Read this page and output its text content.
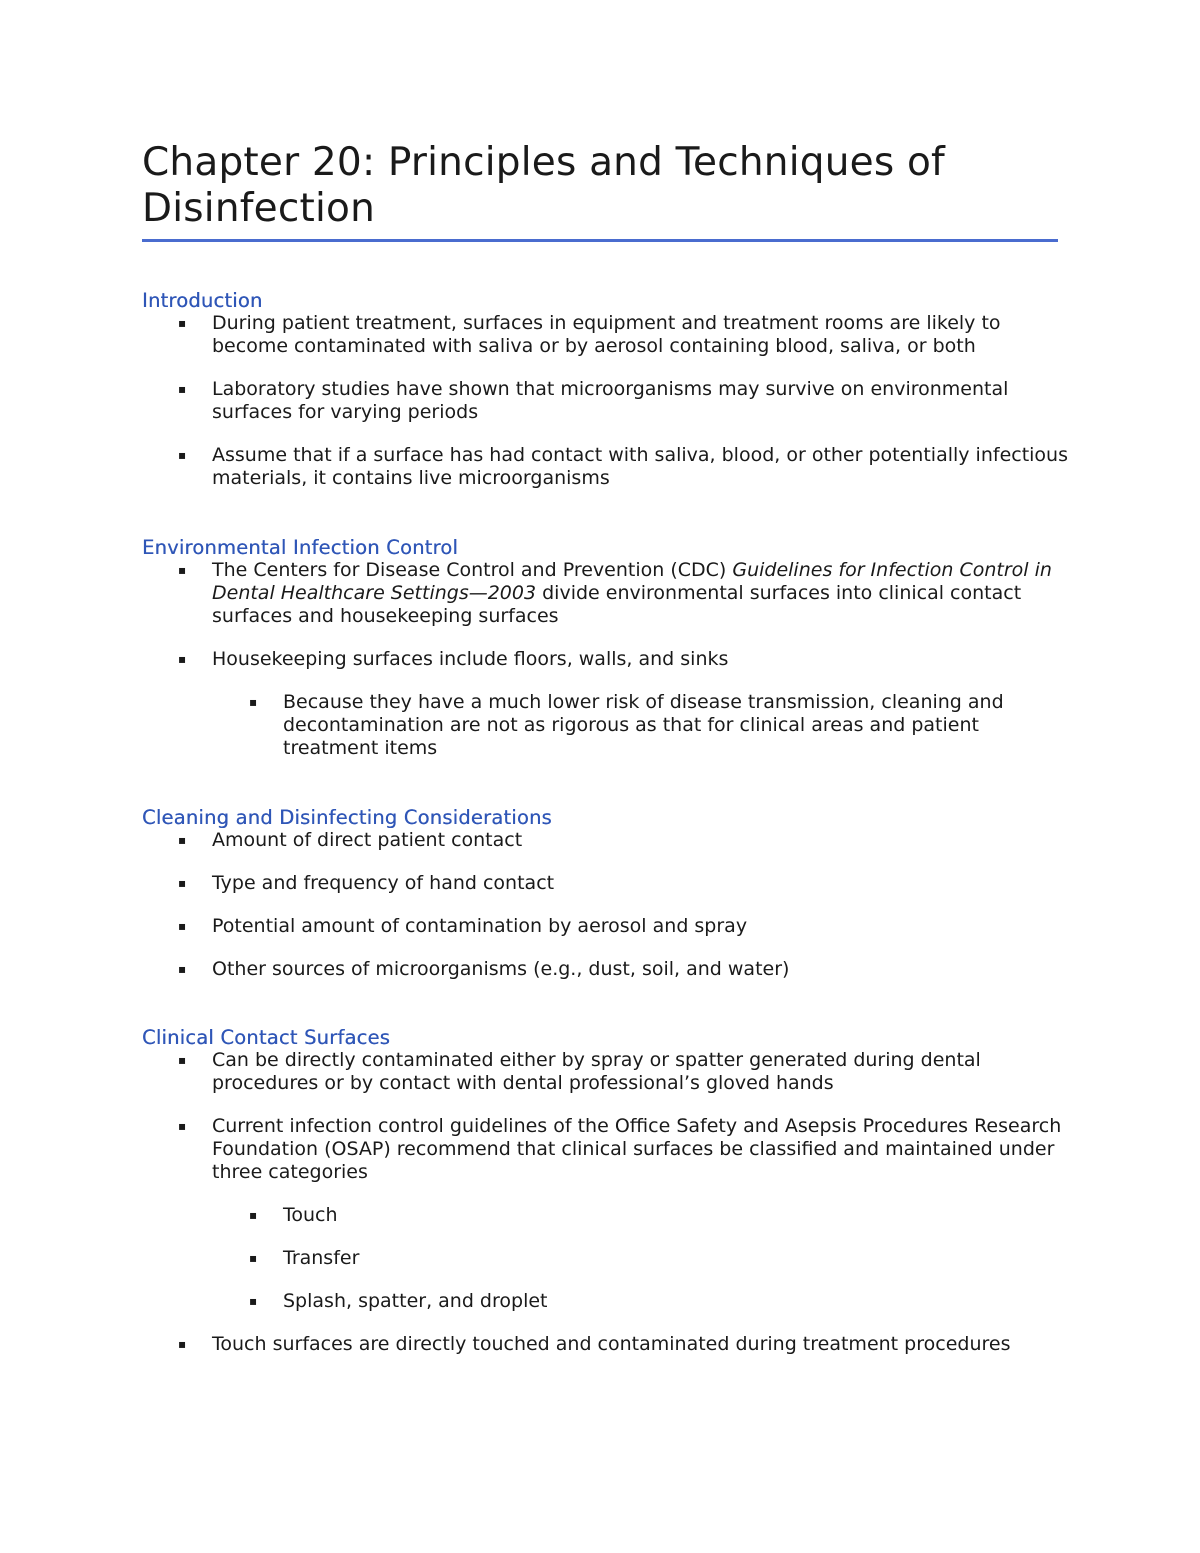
Chapter 20: Principles and Techniques of Disinfection
Introduction
▪ During patient treatment, surfaces in equipment and treatment rooms are likely to become contaminated with saliva or by aerosol containing blood, saliva, or both
▪ Laboratory studies have shown that microorganisms may survive on environmental surfaces for varying periods
▪ Assume that if a surface has had contact with saliva, blood, or other potentially infectious materials, it contains live microorganisms
Environmental Infection Control
▪ The Centers for Disease Control and Prevention (CDC) Guidelines for Infection Control in Dental Healthcare Settings—2003 divide environmental surfaces into clinical contact surfaces and housekeeping surfaces
▪ Housekeeping surfaces include floors, walls, and sinks
▪ Because they have a much lower risk of disease transmission, cleaning and decontamination are not as rigorous as that for clinical areas and patient treatment items
Cleaning and Disinfecting Considerations
▪ Amount of direct patient contact
▪ Type and frequency of hand contact
▪ Potential amount of contamination by aerosol and spray
▪ Other sources of microorganisms (e.g., dust, soil, and water)
Clinical Contact Surfaces
▪ Can be directly contaminated either by spray or spatter generated during dental procedures or by contact with dental professional’s gloved hands
▪ Current infection control guidelines of the Office Safety and Asepsis Procedures Research Foundation (OSAP) recommend that clinical surfaces be classified and maintained under three categories
▪ Touch
▪ Transfer
▪ Splash, spatter, and droplet
▪ Touch surfaces are directly touched and contaminated during treatment procedures
